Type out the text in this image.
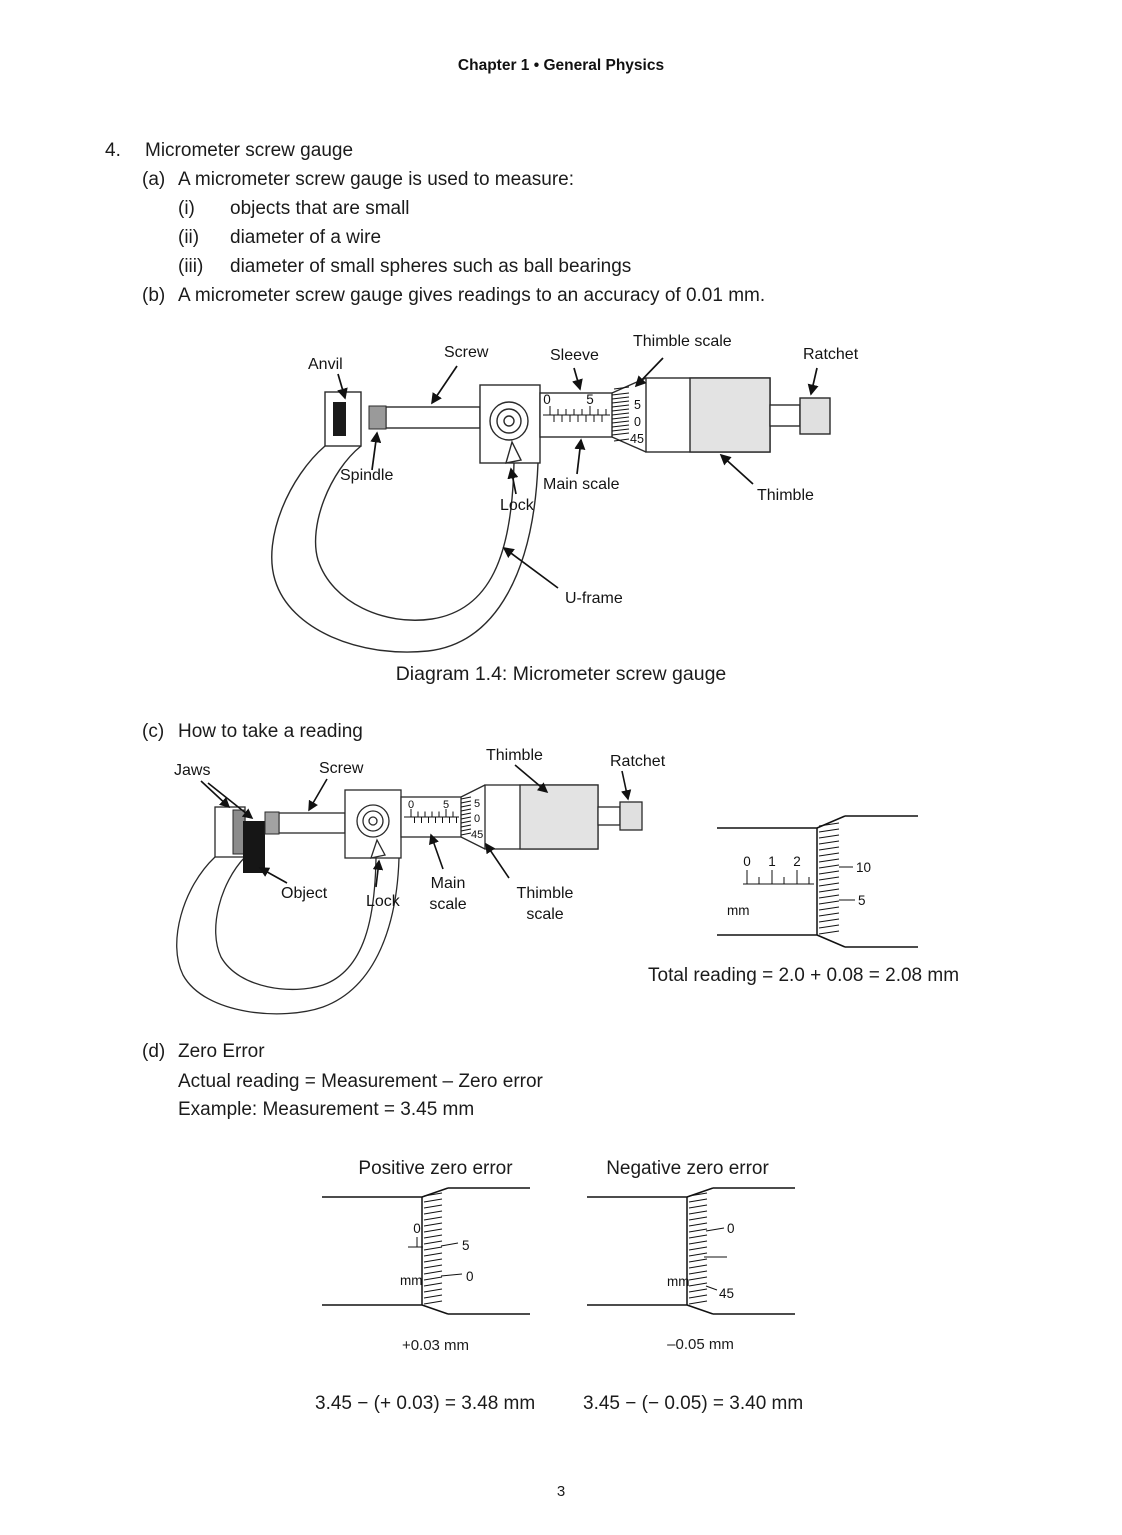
Chapter 1 • General Physics
4.	Micrometer screw gauge
(a) A micrometer screw gauge is used to measure:
(i)	objects that are small
(ii)	diameter of a wire
(iii)	diameter of small spheres such as ball bearings
(b) A micrometer screw gauge gives readings to an accuracy of 0.01 mm.
0	5	5
0
45
Anvil
Screw	Sleeve
Thimble scale
Ratchet
Spindle
Lock
Main scale
Thimble
U-frame
Diagram 1.4: Micrometer screw gauge
(c) How to take a reading
0	5 5
0
45
Jaws	Screw
Thimble	Ratchet
Object Lock
Main
scale
Thimble
scale
0 1 2
mm
10
5
Total reading = 2.0 + 0.08 = 2.08 mm
(d) Zero Error
Actual reading = Measurement – Zero error
Example: Measurement = 3.45 mm
Positive zero error	Negative zero error
0
5
0
mm
0
45
mm
+0.03 mm	–0.05 mm
3.45 − (+ 0.03) = 3.48 mm	3.45 − (− 0.05) = 3.40 mm
3
